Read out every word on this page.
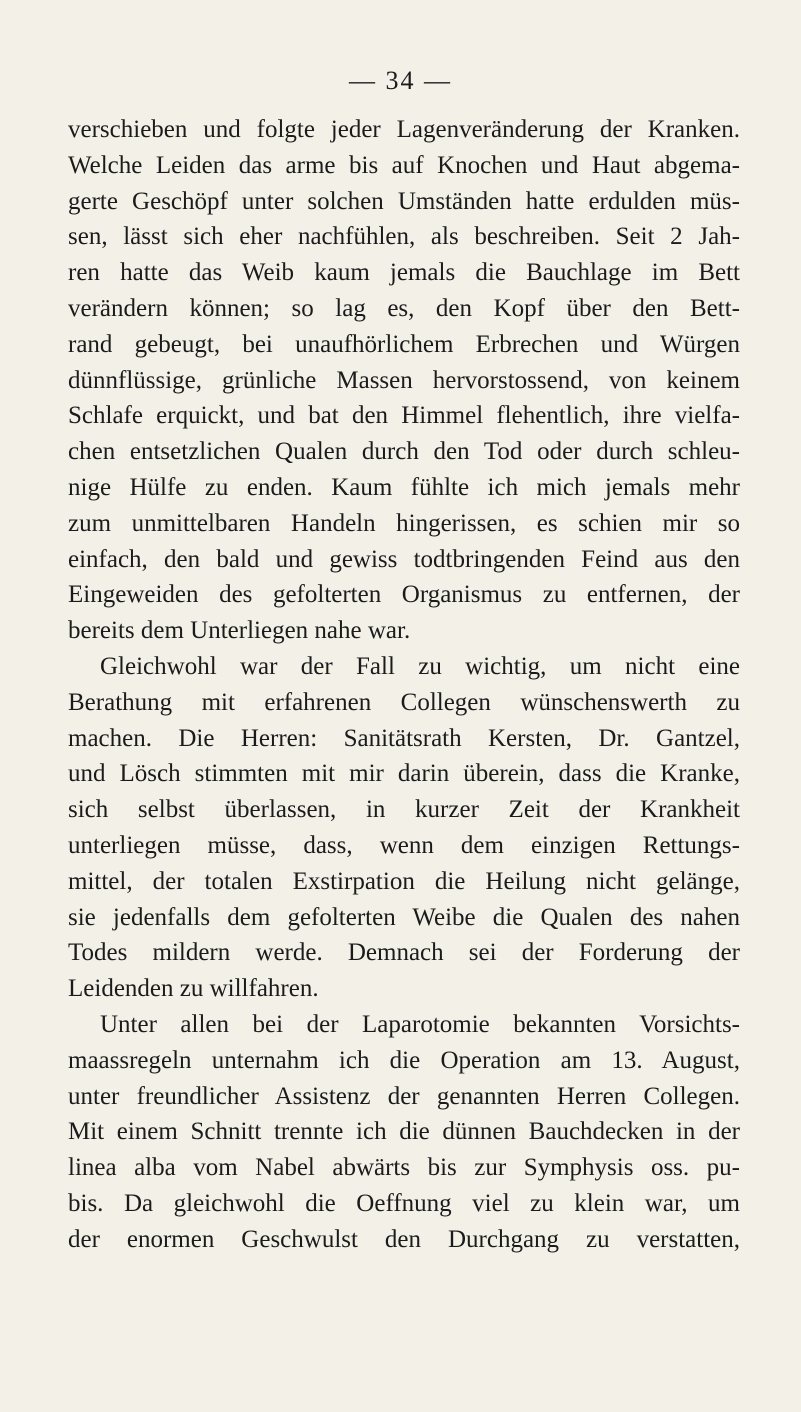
— 34 —
verschieben und folgte jeder Lagenveränderung der Kranken.
Welche Leiden das arme bis auf Knochen und Haut abgema-
gerte Geschöpf unter solchen Umständen hatte erdulden müs-
sen, lässt sich eher nachfühlen, als beschreiben. Seit 2 Jah-
ren hatte das Weib kaum jemals die Bauchlage im Bett
verändern können; so lag es, den Kopf über den Bett-
rand gebeugt, bei unaufhörlichem Erbrechen und Würgen
dünnflüssige, grünliche Massen hervorstossend, von keinem
Schlafe erquickt, und bat den Himmel flehentlich, ihre vielfa-
chen entsetzlichen Qualen durch den Tod oder durch schleu-
nige Hülfe zu enden. Kaum fühlte ich mich jemals mehr
zum unmittelbaren Handeln hingerissen, es schien mir so
einfach, den bald und gewiss todtbringenden Feind aus den
Eingeweiden des gefolterten Organismus zu entfernen, der
bereits dem Unterliegen nahe war.
Gleichwohl war der Fall zu wichtig, um nicht eine
Berathung mit erfahrenen Collegen wünschenswerth zu
machen. Die Herren: Sanitätsrath Kersten, Dr. Gantzel,
und Lösch stimmten mit mir darin überein, dass die Kranke,
sich selbst überlassen, in kurzer Zeit der Krankheit
unterliegen müsse, dass, wenn dem einzigen Rettungs-
mittel, der totalen Exstirpation die Heilung nicht gelänge,
sie jedenfalls dem gefolterten Weibe die Qualen des nahen
Todes mildern werde. Demnach sei der Forderung der
Leidenden zu willfahren.
Unter allen bei der Laparotomie bekannten Vorsichts-
maassregeln unternahm ich die Operation am 13. August,
unter freundlicher Assistenz der genannten Herren Collegen.
Mit einem Schnitt trennte ich die dünnen Bauchdecken in der
linea alba vom Nabel abwärts bis zur Symphysis oss. pu-
bis. Da gleichwohl die Oeffnung viel zu klein war, um
der enormen Geschwulst den Durchgang zu verstatten,
